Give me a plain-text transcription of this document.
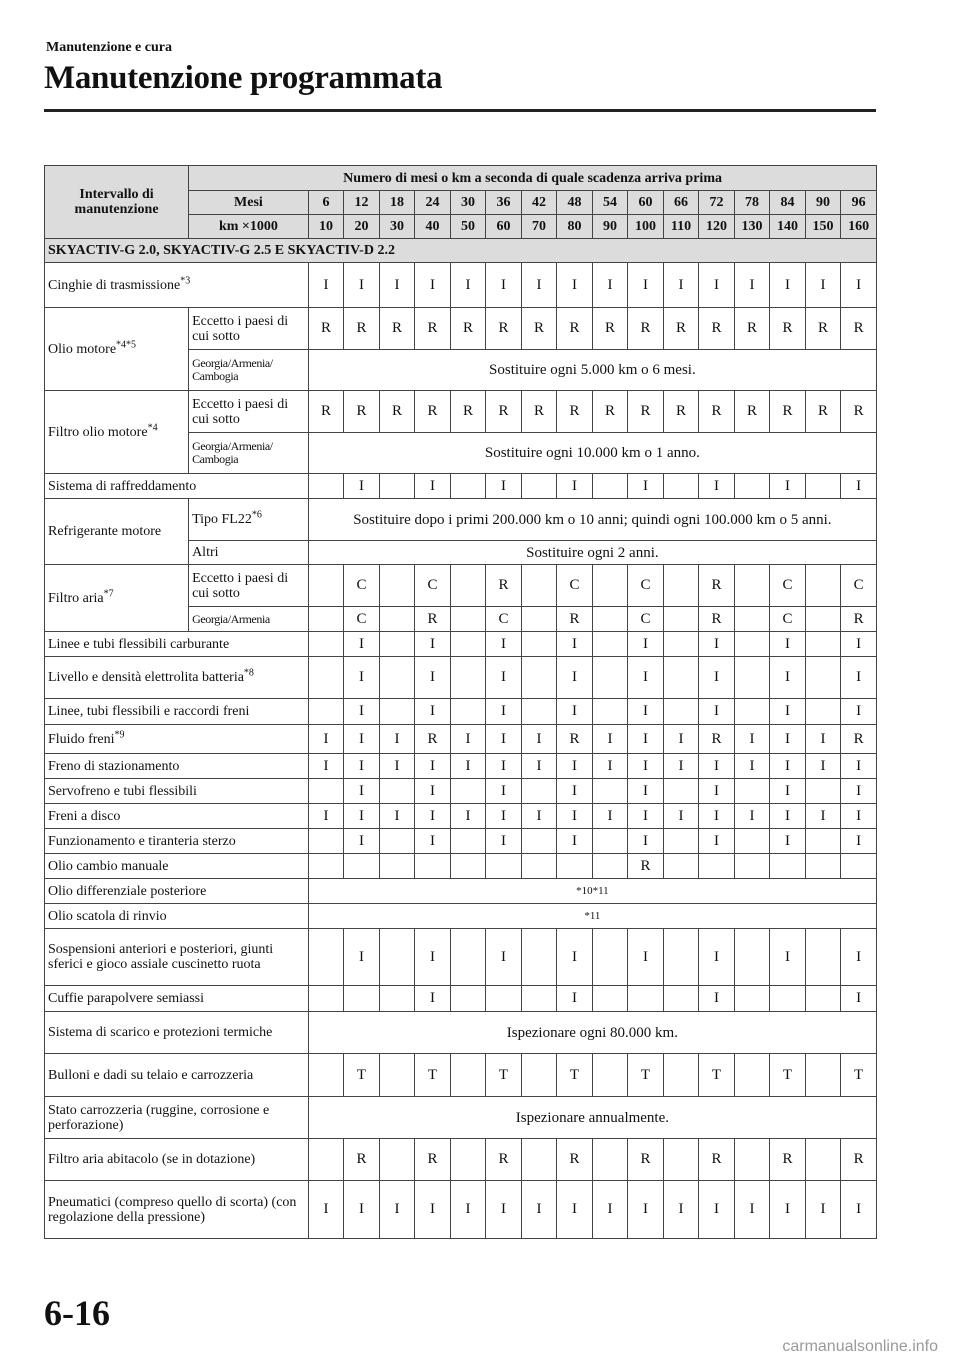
Manutenzione e cura
Manutenzione programmata
Intervallo di manutenzione	Numero di mesi o km a seconda di quale scadenza arriva prima																
	Mesi	6	12	18	24	30	36	42	48	54	60	66	72	78	84	90	96
	km ×1000	10	20	30	40	50	60	70	80	90	100	110	120	130	140	150	160
SKYACTIV-G 2.0, SKYACTIV-G 2.5 E SKYACTIV-D 2.2																	
Cinghie di trasmissione$^{*3}$		I	I	I	I	I	I	I	I	I	I	I	I	I	I	I	I
Olio motore$^{*4*5}$	Eccetto i paesi di cui sotto	R	R	R	R	R	R	R	R	R	R	R	R	R	R	R	R
	Georgia/Armenia/ Cambogia	Sostituire ogni 5.000 km o 6 mesi.															
Filtro olio motore$^{*4}$	Eccetto i paesi di cui sotto	R	R	R	R	R	R	R	R	R	R	R	R	R	R	R	R
	Georgia/Armenia/ Cambogia	Sostituire ogni 10.000 km o 1 anno.															
Sistema di raffreddamento			I		I		I		I		I		I		I		I
Refrigerante motore	Tipo FL22$^{*6}$	Sostituire dopo i primi 200.000 km o 10 anni; quindi ogni 100.000 km o 5 anni.															
	Altri	Sostituire ogni 2 anni.															
Filtro aria$^{*7}$	Eccetto i paesi di cui sotto		C		C		R		C		C		R		C		C
	Georgia/Armenia		C		R		C		R		C		R		C		R
Linee e tubi flessibili carburante			I		I		I		I		I		I		I		I
Livello e densità elettrolita batteria$^{*8}$			I		I		I		I		I		I		I		I
Linee, tubi flessibili e raccordi freni			I		I		I		I		I		I		I		I
Fluido freni$^{*9}$		I	I	I	R	I	I	I	R	I	I	I	R	I	I	I	R
Freno di stazionamento		I	I	I	I	I	I	I	I	I	I	I	I	I	I	I	I
Servofreno e tubi flessibili			I		I		I		I		I		I		I		I
Freni a disco		I	I	I	I	I	I	I	I	I	I	I	I	I	I	I	I
Funzionamento e tiranteria sterzo			I		I		I		I		I		I		I		I
Olio cambio manuale											R						
Olio differenziale posteriore		*10*11															
Olio scatola di rinvio		*11															
Sospensioni anteriori e posteriori, giunti sferici e gioco assiale cuscinetto ruota			I		I		I		I		I		I		I		I
Cuffie parapolvere semiassi					I				I				I				I
Sistema di scarico e protezioni termiche		Ispezionare ogni 80.000 km.															
Bulloni e dadi su telaio e carrozzeria			T		T		T		T		T		T		T		T
Stato carrozzeria (ruggine, corrosione e perforazione)		Ispezionare annualmente.															
Filtro aria abitacolo (se in dotazione)			R		R		R		R		R		R		R		R
Pneumatici (compreso quello di scorta) (con regolazione della pressione)		I	I	I	I	I	I	I	I	I	I	I	I	I	I	I	I
6-16
carmanualsonline.info
